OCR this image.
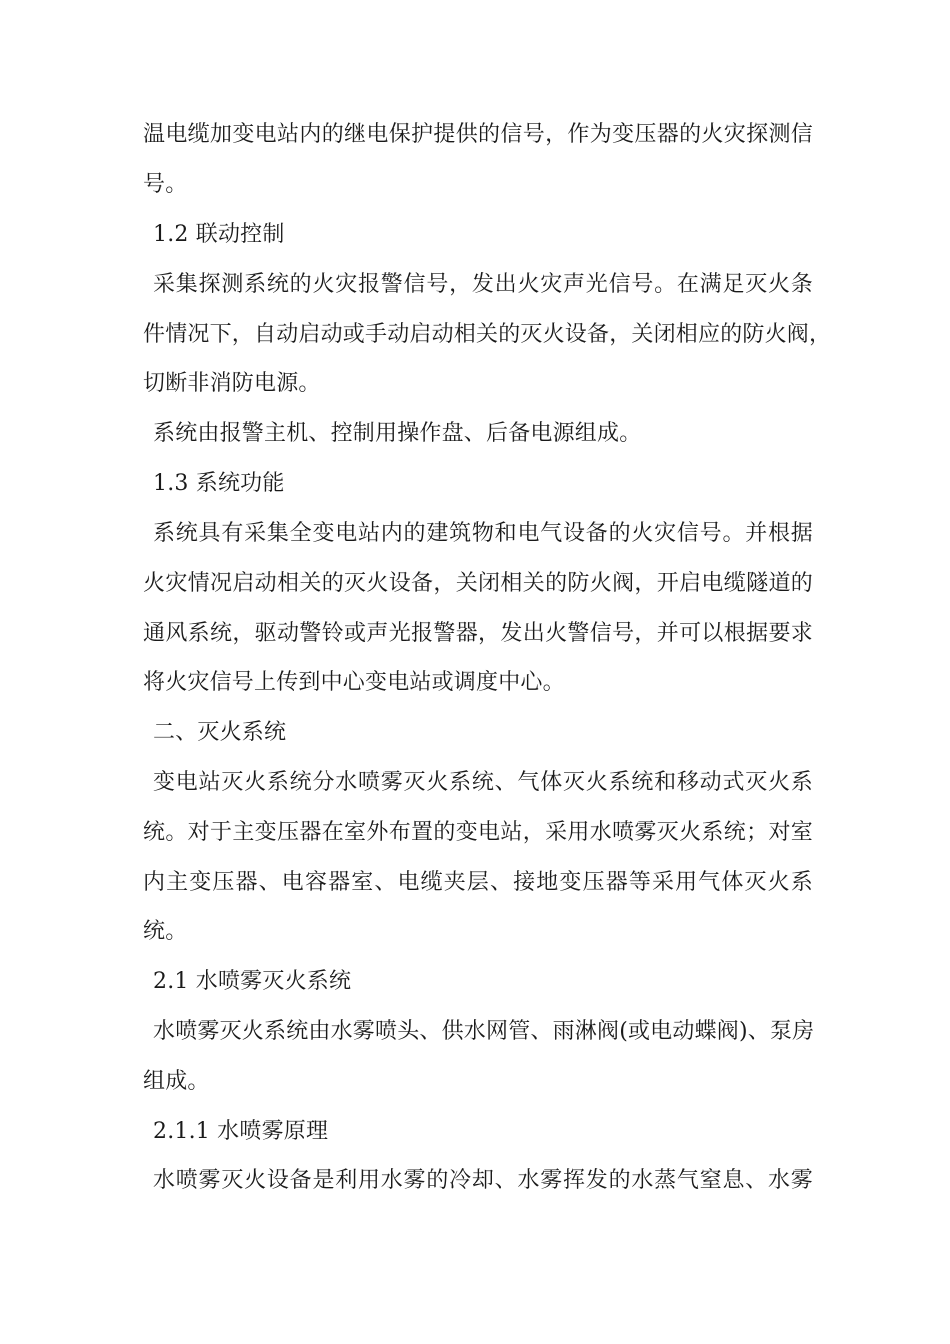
温电缆加变电站内的继电保护提供的信号，作为变压器的火灾探测信
号。
1.2 联动控制
采集探测系统的火灾报警信号，发出火灾声光信号。在满足灭火条
件情况下，自动启动或手动启动相关的灭火设备，关闭相应的防火阀，
切断非消防电源。
系统由报警主机、控制用操作盘、后备电源组成。
1.3 系统功能
系统具有采集全变电站内的建筑物和电气设备的火灾信号。并根据
火灾情况启动相关的灭火设备，关闭相关的防火阀，开启电缆隧道的
通风系统，驱动警铃或声光报警器，发出火警信号，并可以根据要求
将火灾信号上传到中心变电站或调度中心。
二、灭火系统
变电站灭火系统分水喷雾灭火系统、气体灭火系统和移动式灭火系
统。对于主变压器在室外布置的变电站，采用水喷雾灭火系统；对室
内主变压器、电容器室、电缆夹层、接地变压器等采用气体灭火系
统。
2.1 水喷雾灭火系统
水喷雾灭火系统由水雾喷头、供水网管、雨淋阀(或电动蝶阀)、泵房
组成。
2.1.1 水喷雾原理
水喷雾灭火设备是利用水雾的冷却、水雾挥发的水蒸气窒息、水雾
